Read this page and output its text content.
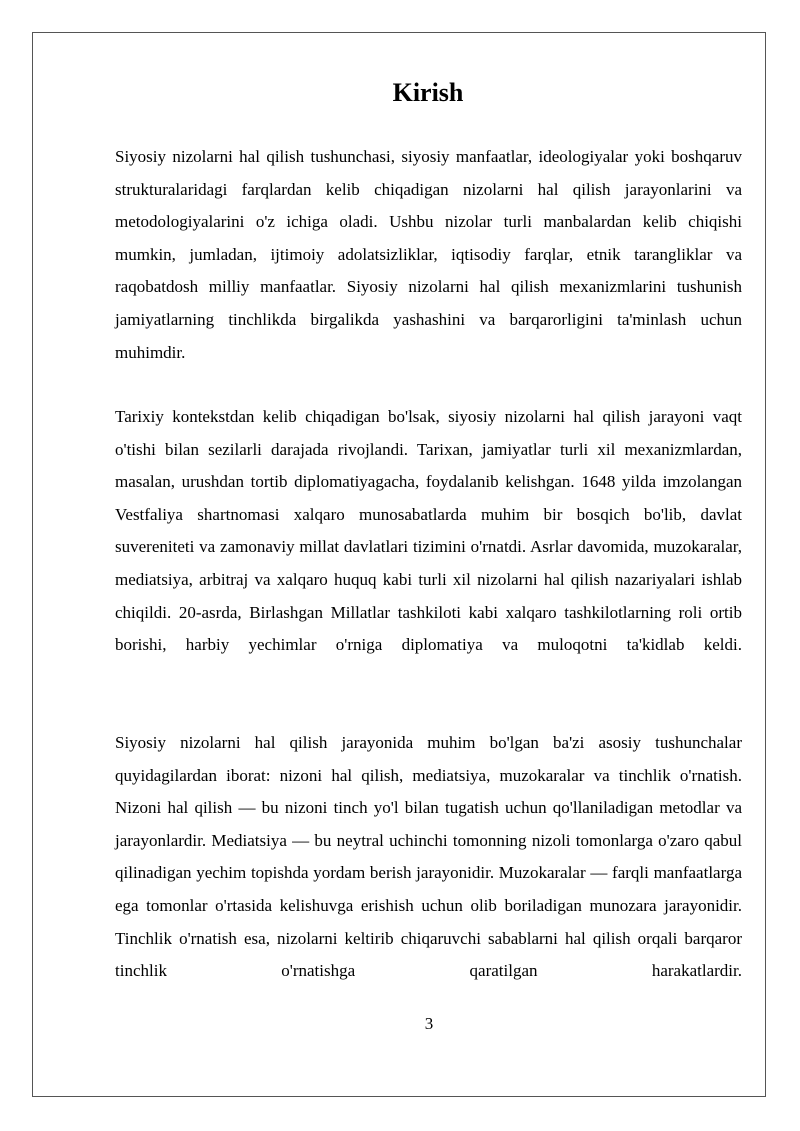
Kirish

Siyosiy nizolarni hal qilish tushunchasi, siyosiy manfaatlar, ideologiyalar yoki boshqaruv strukturalaridagi farqlardan kelib chiqadigan nizolarni hal qilish jarayonlarini va metodologiyalarini o'z ichiga oladi. Ushbu nizolar turli manbalardan kelib chiqishi mumkin, jumladan, ijtimoiy adolatsizliklar, iqtisodiy farqlar, etnik tarangliklar va raqobatdosh milliy manfaatlar. Siyosiy nizolarni hal qilish mexanizmlarini tushunish jamiyatlarning tinchlikda birgalikda yashashini va barqarorligini ta'minlash uchun muhimdir.

Tarixiy kontekstdan kelib chiqadigan bo'lsak, siyosiy nizolarni hal qilish jarayoni vaqt o'tishi bilan sezilarli darajada rivojlandi. Tarixan, jamiyatlar turli xil mexanizmlardan, masalan, urushdan tortib diplomatiyagacha, foydalanib kelishgan. 1648 yilda imzolangan Vestfaliya shartnomasi xalqaro munosabatlarda muhim bir bosqich bo'lib, davlat suvereniteti va zamonaviy millat davlatlari tizimini o'rnatdi. Asrlar davomida, muzokaralar, mediatsiya, arbitraj va xalqaro huquq kabi turli xil nizolarni hal qilish nazariyalari ishlab chiqildi. 20-asrda, Birlashgan Millatlar tashkiloti kabi xalqaro tashkilotlarning roli ortib borishi, harbiy yechimlar o'rniga diplomatiya va muloqotni ta'kidlab keldi.

Siyosiy nizolarni hal qilish jarayonida muhim bo'lgan ba'zi asosiy tushunchalar quyidagilardan iborat: nizoni hal qilish, mediatsiya, muzokaralar va tinchlik o'rnatish. Nizoni hal qilish — bu nizoni tinch yo'l bilan tugatish uchun qo'llaniladigan metodlar va jarayonlardir. Mediatsiya — bu neytral uchinchi tomonning nizoli tomonlarga o'zaro qabul qilinadigan yechim topishda yordam berish jarayonidir. Muzokaralar — farqli manfaatlarga ega tomonlar o'rtasida kelishuvga erishish uchun olib boriladigan munozara jarayonidir. Tinchlik o'rnatish esa, nizolarni keltirib chiqaruvchi sabablarni hal qilish orqali barqaror tinchlik o'rnatishga qaratilgan harakatlardir.

3
